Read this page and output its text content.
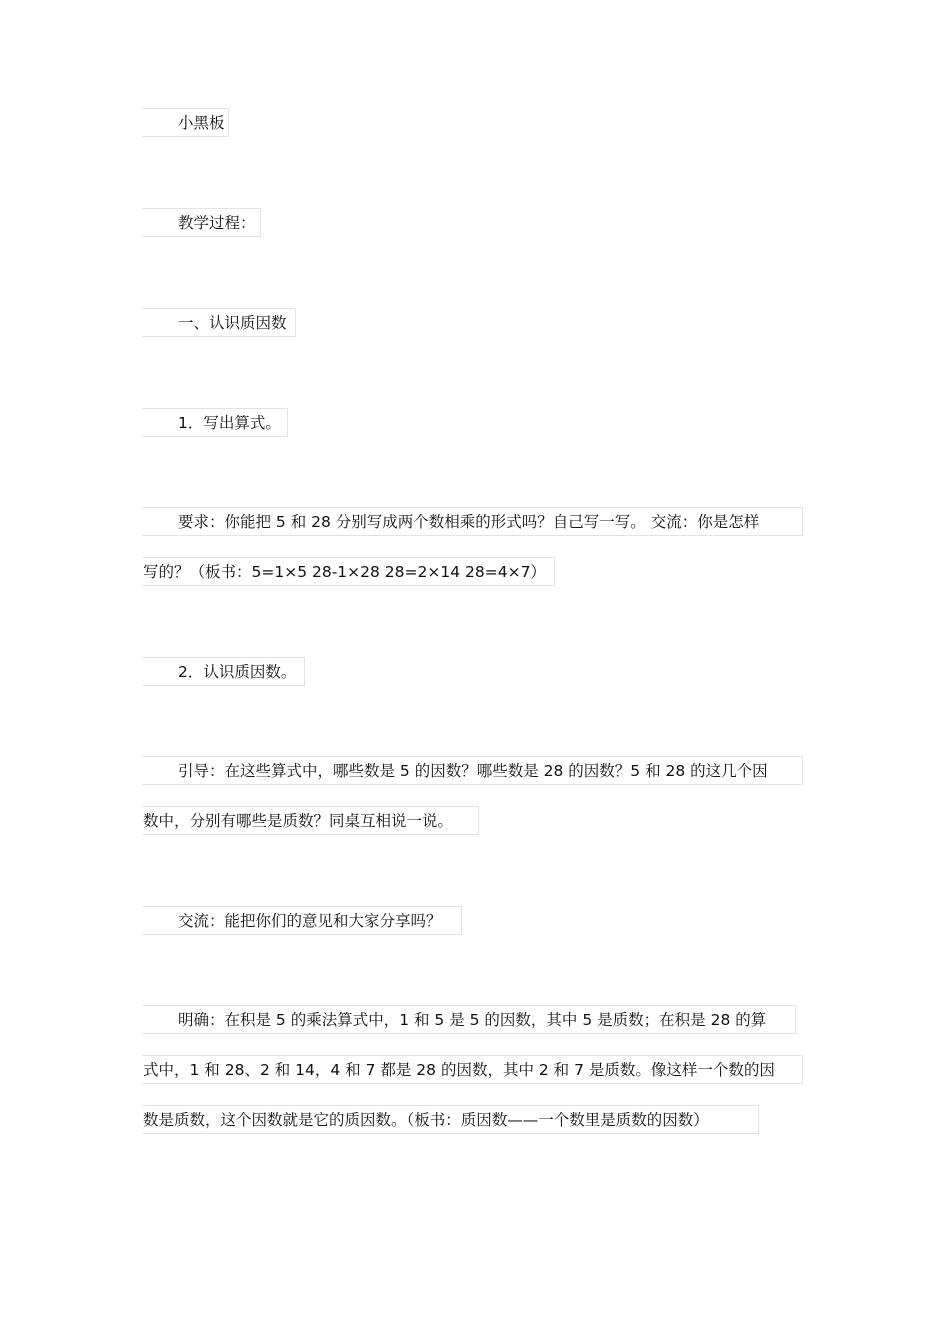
小黑板
教学过程：
一、认识质因数
1．写出算式。
要求：你能把 5 和 28 分别写成两个数相乘的形式吗？自己写一写。 交流：你是怎样
写的？（板书：5=1×5 28-1×28 28=2×14 28=4×7）
2．认识质因数。
引导：在这些算式中，哪些数是 5 的因数？哪些数是 28 的因数？5 和 28 的这几个因
数中，分别有哪些是质数？同桌互相说一说。
交流：能把你们的意见和大家分享吗？
明确：在积是 5 的乘法算式中，1 和 5 是 5 的因数，其中 5 是质数；在积是 28 的算
式中，1 和 28、2 和 14，4 和 7 都是 28 的因数，其中 2 和 7 是质数。像这样一个数的因
数是质数，这个因数就是它的质因数。（板书：质因数——一个数里是质数的因数）
